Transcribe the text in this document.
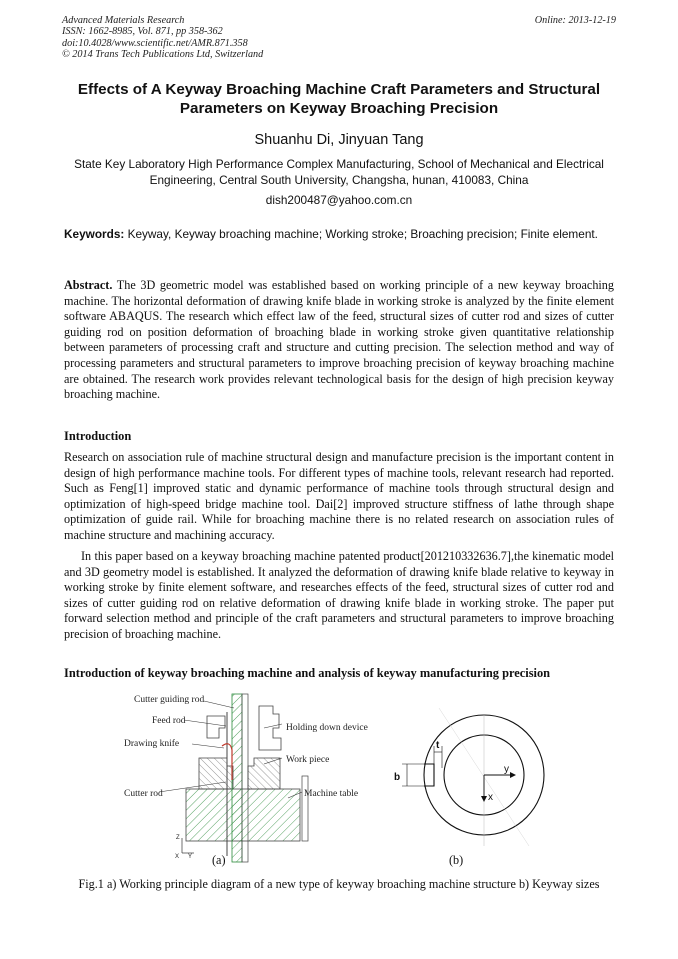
Advanced Materials Research
ISSN: 1662-8985, Vol. 871, pp 358-362
doi:10.4028/www.scientific.net/AMR.871.358
© 2014 Trans Tech Publications Ltd, Switzerland
Online: 2013-12-19
Effects of A Keyway Broaching Machine Craft Parameters and Structural Parameters on Keyway Broaching Precision
Shuanhu Di, Jinyuan Tang
State Key Laboratory High Performance Complex Manufacturing, School of Mechanical and Electrical Engineering, Central South University, Changsha, hunan, 410083, China
dish200487@yahoo.com.cn
Keywords: Keyway, Keyway broaching machine; Working stroke; Broaching precision; Finite element.
Abstract. The 3D geometric model was established based on working principle of a new keyway broaching machine. The horizontal deformation of drawing knife blade in working stroke is analyzed by the finite element software ABAQUS. The research which effect law of the feed, structural sizes of cutter rod and sizes of cutter guiding rod on position deformation of broaching blade in working stroke given quantitative relationship between parameters of processing craft and structure and cutting precision. The selection method and way of processing parameters and structural parameters to improve broaching precision of keyway broaching machine are obtained. The research work provides relevant technological basis for the design of high precision keyway broaching machine.
Introduction
Research on association rule of machine structural design and manufacture precision is the important content in design of high performance machine tools. For different types of machine tools, relevant research had reported. Such as Feng[1] improved static and dynamic performance of machine tools through structural design and optimization of high-speed bridge machine tool. Dai[2] improved structure stiffness of lathe through shape optimization of guide rail. While for broaching machine there is no related research on association rules of machine structure and machining accuracy.
In this paper based on a keyway broaching machine patented product[201210332636.7],the kinematic model and 3D geometry model is established. It analyzed the deformation of drawing knife blade relative to keyway in working stroke by finite element software, and researches effects of the feed, structural sizes of cutter rod and sizes of cutter guiding rod on relative deformation of drawing knife blade in working stroke. The paper put forward selection method and principle of the craft parameters and structural parameters to improve broaching precision of broaching machine.
Introduction of keyway broaching machine and analysis of keyway manufacturing precision
Cutter guiding rod
Feed rod
Drawing knife
Cutter rod
Holding down device
Work piece
Machine table
Z
X Y
t
b
y
x
(a)	(b)
Fig.1 a) Working principle diagram of a new type of keyway broaching machine structure b) Keyway sizes
